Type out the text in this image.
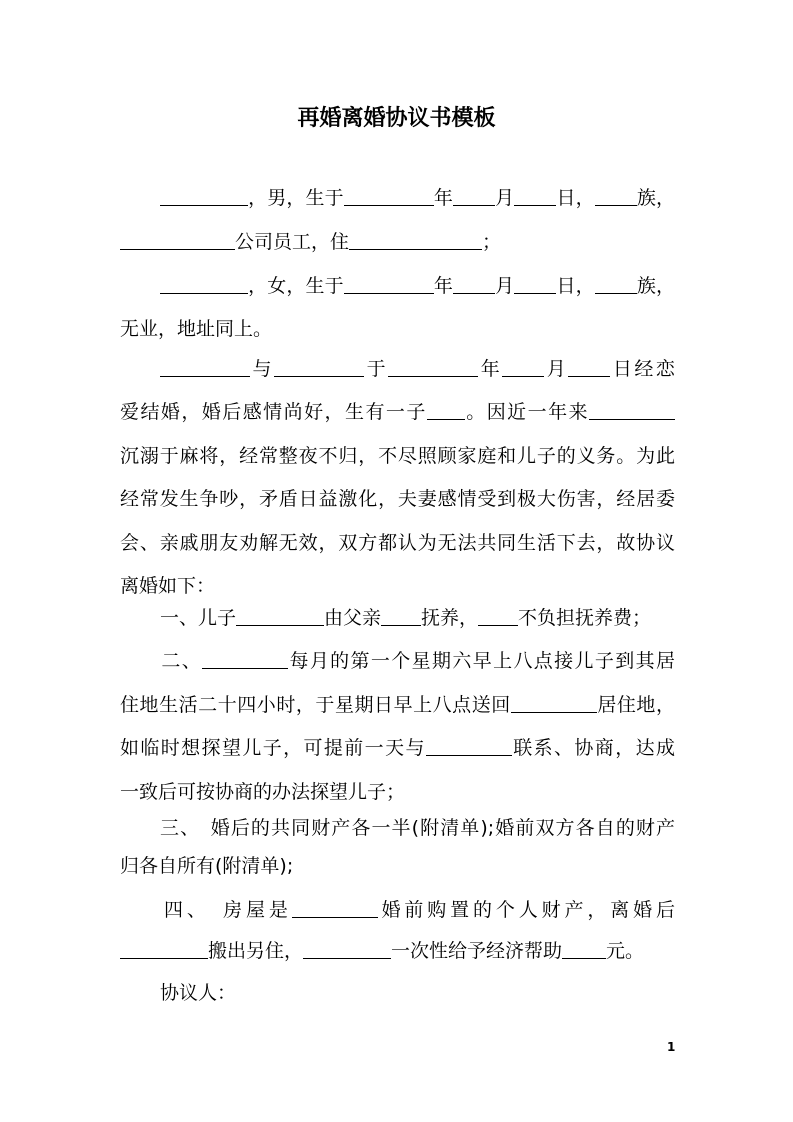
再婚离婚协议书模板
，男，生于	年 月 日， 族，
公司员工，住	；
，女，生于	年 月 日， 族，
无业，地址同上。
与	于	年 月 日经恋
爱结婚，婚后感情尚好，生有一子 。因近一年来
沉溺于麻将，经常整夜不归，不尽照顾家庭和儿子的义务。为此
经常发生争吵，矛盾日益激化，夫妻感情受到极大伤害，经居委
会、亲戚朋友劝解无效，双方都认为无法共同生活下去，故协议
离婚如下：
一、儿子	由父亲 抚养， 不负担抚养费；
二、	每月的第一个星期六早上八点接儿子到其居
住地生活二十四小时，于星期日早上八点送回	居住地，
如临时想探望儿子，可提前一天与	联系、协商，达成
一致后可按协商的办法探望儿子；
三、　婚后的共同财产各一半(附清单);婚前双方各自的财产
归各自所有(附清单);
四、　房屋是	婚前购置的个人财产，离婚后
搬出另住，	一次性给予经济帮助 元。
协议人：
1
